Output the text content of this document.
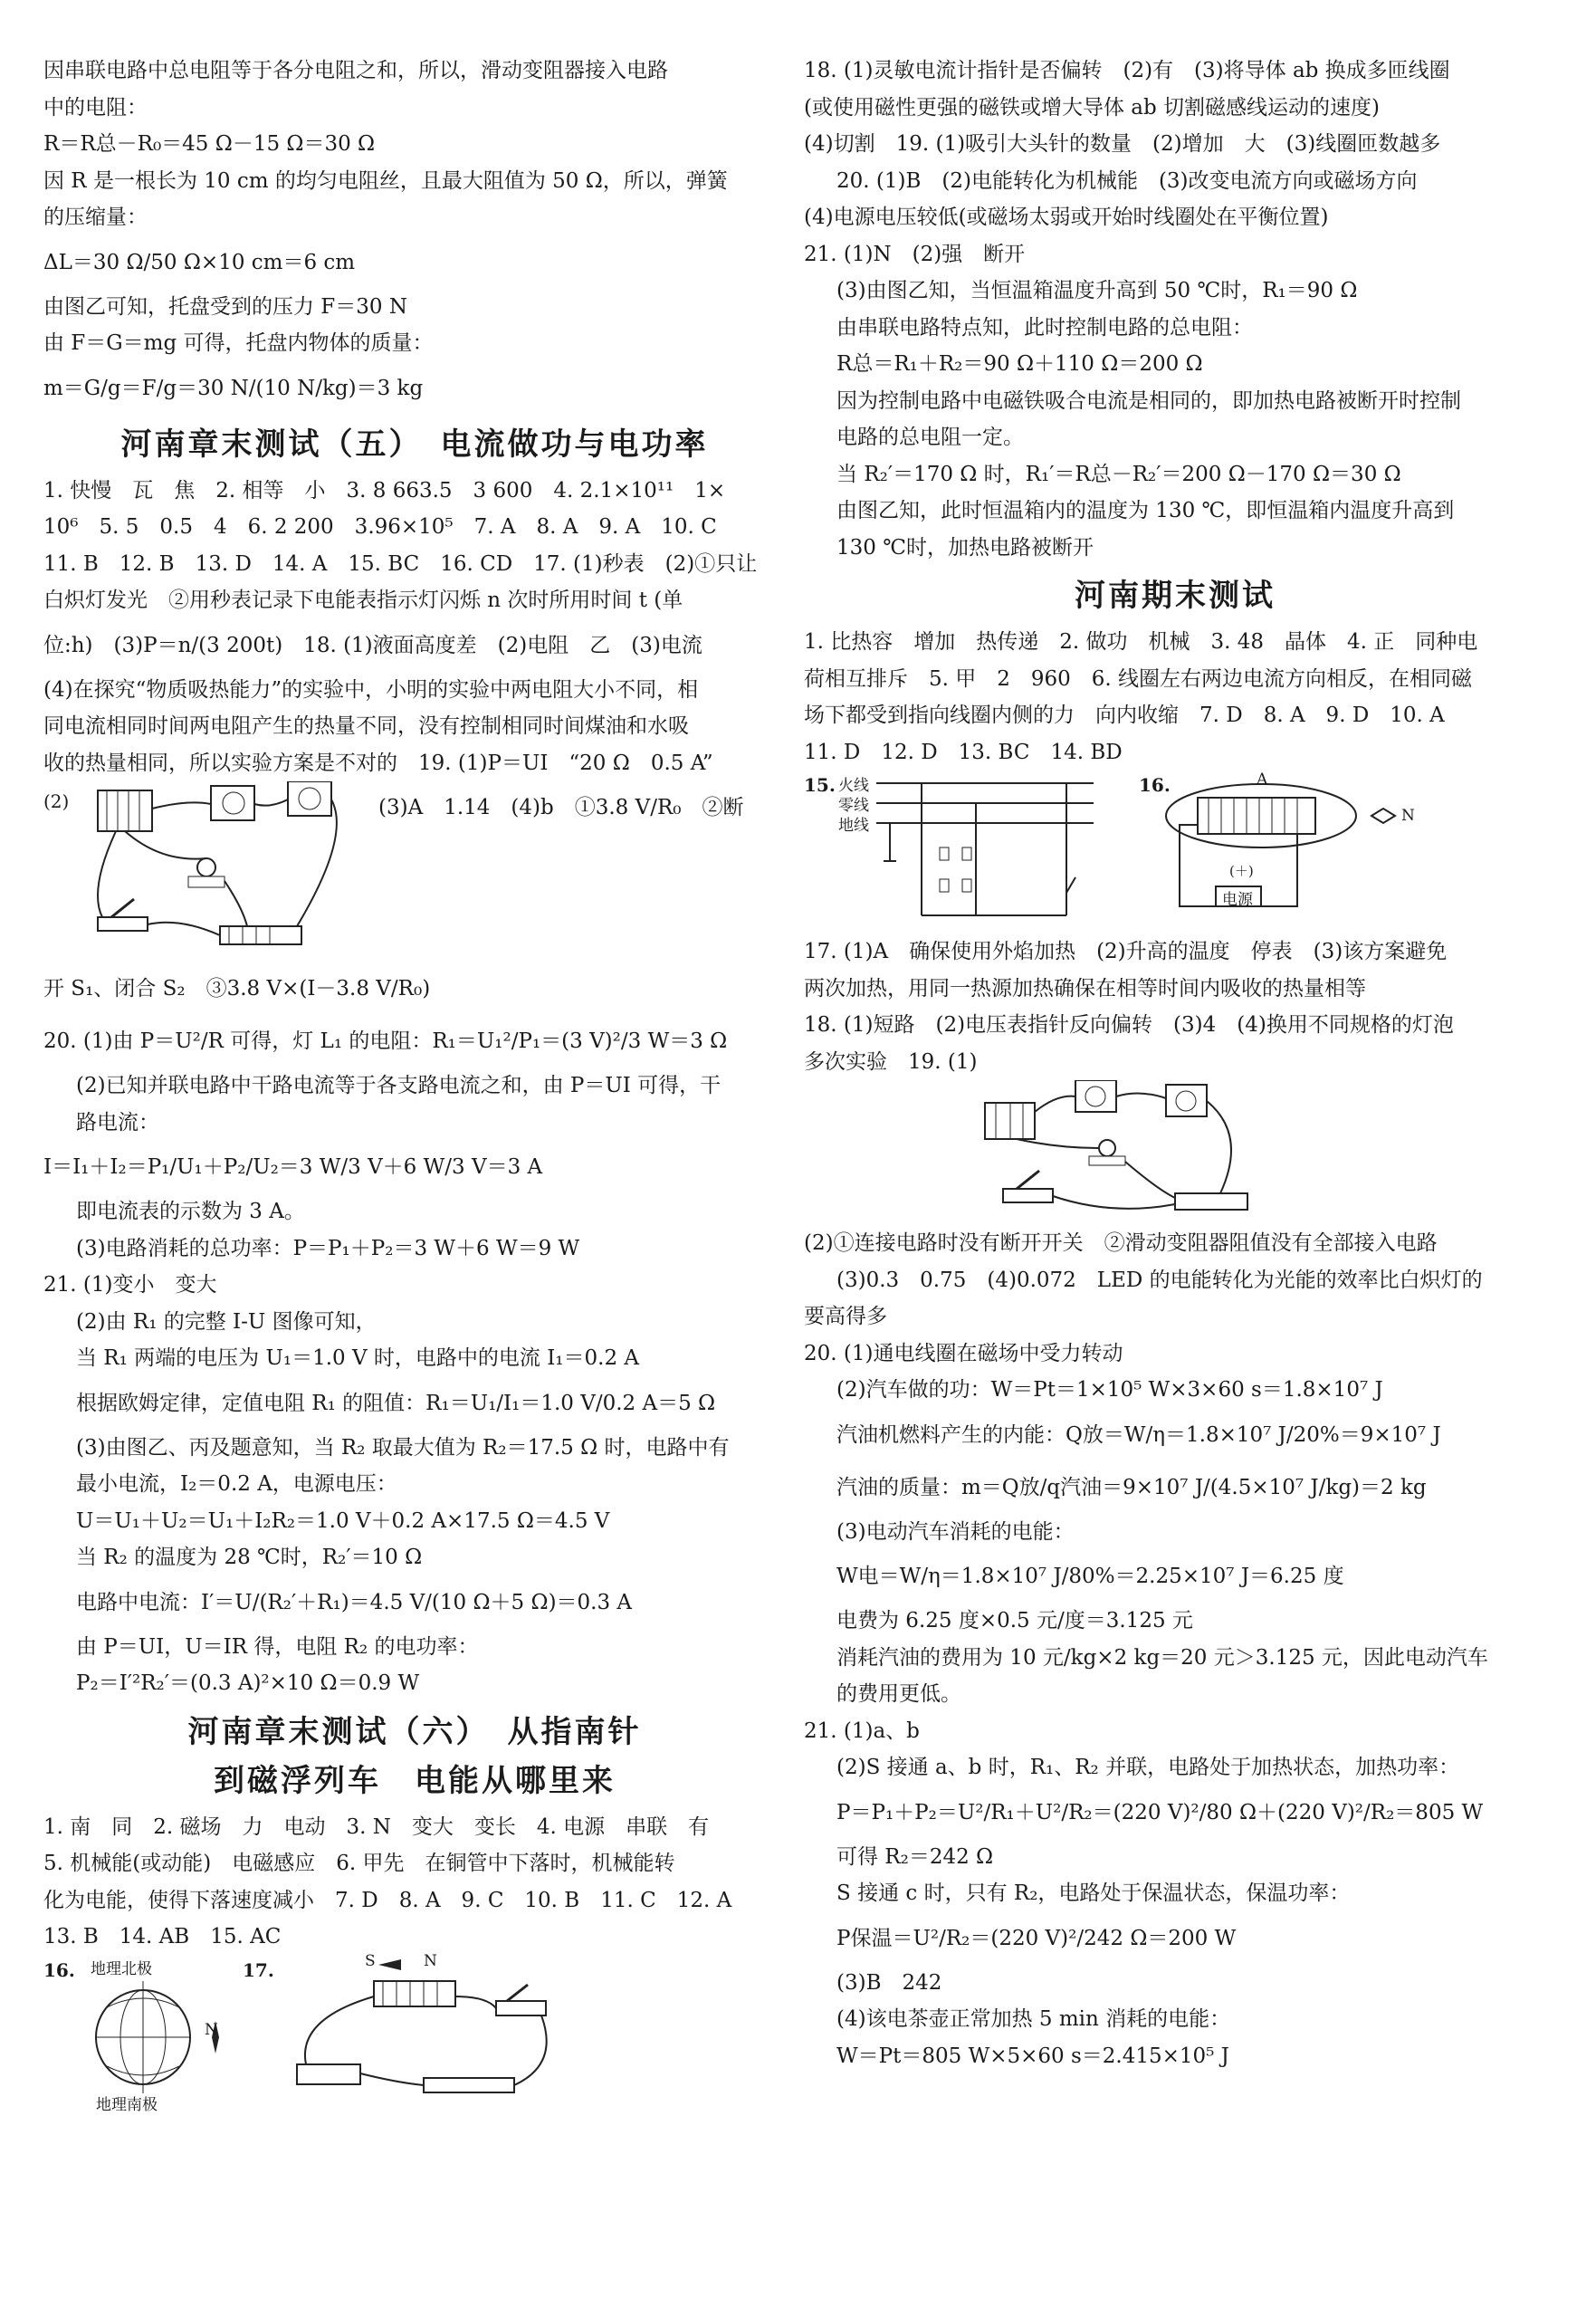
因串联电路中总电阻等于各分电阻之和，所以，滑动变阻器接入电路
中的电阻：
R＝R总－R₀＝45 Ω－15 Ω＝30 Ω
因 R 是一根长为 10 cm 的均匀电阻丝，且最大阻值为 50 Ω，所以，弹簧
的压缩量：
ΔL＝30 Ω/50 Ω×10 cm＝6 cm
由图乙可知，托盘受到的压力 F＝30 N
由 F＝G＝mg 可得，托盘内物体的质量：
m＝G/g＝F/g＝30 N/(10 N/kg)＝3 kg
河南章末测试（五）　电流做功与电功率
1. 快慢　瓦　焦　2. 相等　小　3. 8 663.5　3 600　4. 2.1×10¹¹　1×
10⁶　5. 5　0.5　4　6. 2 200　3.96×10⁵　7. A　8. A　9. A　10. C
11. B　12. B　13. D　14. A　15. BC　16. CD　17. (1)秒表　(2)①只让
白炽灯发光　②用秒表记录下电能表指示灯闪烁 n 次时所用时间 t (单
位:h)　(3)P＝n/(3 200t)　18. (1)液面高度差　(2)电阻　乙　(3)电流
(4)在探究“物质吸热能力”的实验中，小明的实验中两电阻大小不同，相
同电流相同时间两电阻产生的热量不同，没有控制相同时间煤油和水吸
收的热量相同，所以实验方案是不对的　19. (1)P＝UI　“20 Ω　0.5 A”
(2)	(3)A　1.14　(4)b　①3.8 V/R₀　②断
开 S₁、闭合 S₂　③3.8 V×(I－3.8 V/R₀)
20. (1)由 P＝U²/R 可得，灯 L₁ 的电阻：R₁＝U₁²/P₁＝(3 V)²/3 W＝3 Ω
(2)已知并联电路中干路电流等于各支路电流之和，由 P＝UI 可得，干
路电流：
I＝I₁＋I₂＝P₁/U₁＋P₂/U₂＝3 W/3 V＋6 W/3 V＝3 A
即电流表的示数为 3 A。
(3)电路消耗的总功率：P＝P₁＋P₂＝3 W＋6 W＝9 W
21. (1)变小　变大
(2)由 R₁ 的完整 I-U 图像可知，
当 R₁ 两端的电压为 U₁＝1.0 V 时，电路中的电流 I₁＝0.2 A
根据欧姆定律，定值电阻 R₁ 的阻值：R₁＝U₁/I₁＝1.0 V/0.2 A＝5 Ω
(3)由图乙、丙及题意知，当 R₂ 取最大值为 R₂＝17.5 Ω 时，电路中有
最小电流，I₂＝0.2 A，电源电压：
U＝U₁＋U₂＝U₁＋I₂R₂＝1.0 V＋0.2 A×17.5 Ω＝4.5 V
当 R₂ 的温度为 28 ℃时，R₂′＝10 Ω
电路中电流：I′＝U/(R₂′＋R₁)＝4.5 V/(10 Ω＋5 Ω)＝0.3 A
由 P＝UI，U＝IR 得，电阻 R₂ 的电功率：
P₂＝I′²R₂′＝(0.3 A)²×10 Ω＝0.9 W
河南章末测试（六）　从指南针
到磁浮列车　电能从哪里来
1. 南　同　2. 磁场　力　电动　3. N　变大　变长　4. 电源　串联　有
5. 机械能(或动能)　电磁感应　6. 甲先　在铜管中下落时，机械能转
化为电能，使得下落速度减小　7. D　8. A　9. C　10. B　11. C　12. A
13. B　14. AB　15. AC
16. 地理北极
N
地理南极
17.	S	N
18. (1)灵敏电流计指针是否偏转　(2)有　(3)将导体 ab 换成多匝线圈
(或使用磁性更强的磁铁或增大导体 ab 切割磁感线运动的速度)
(4)切割　19. (1)吸引大头针的数量　(2)增加　大　(3)线圈匝数越多
20. (1)B　(2)电能转化为机械能　(3)改变电流方向或磁场方向
(4)电源电压较低(或磁场太弱或开始时线圈处在平衡位置)
21. (1)N　(2)强　断开
(3)由图乙知，当恒温箱温度升高到 50 ℃时，R₁＝90 Ω
由串联电路特点知，此时控制电路的总电阻：
R总＝R₁＋R₂＝90 Ω＋110 Ω＝200 Ω
因为控制电路中电磁铁吸合电流是相同的，即加热电路被断开时控制
电路的总电阻一定。
当 R₂′＝170 Ω 时，R₁′＝R总－R₂′＝200 Ω－170 Ω＝30 Ω
由图乙知，此时恒温箱内的温度为 130 ℃，即恒温箱内温度升高到
130 ℃时，加热电路被断开
河南期末测试
1. 比热容　增加　热传递　2. 做功　机械　3. 48　晶体　4. 正　同种电
荷相互排斥　5. 甲　2　960　6. 线圈左右两边电流方向相反，在相同磁
场下都受到指向线圈内侧的力　向内收缩　7. D　8. A　9. D　10. A
11. D　12. D　13. BC　14. BD
15. 火线
零线
地线
16.	A
N
(＋)
电源
17. (1)A　确保使用外焰加热　(2)升高的温度　停表　(3)该方案避免
两次加热，用同一热源加热确保在相等时间内吸收的热量相等
18. (1)短路　(2)电压表指针反向偏转　(3)4　(4)换用不同规格的灯泡
多次实验　19. (1)
(2)①连接电路时没有断开开关　②滑动变阻器阻值没有全部接入电路
(3)0.3　0.75　(4)0.072　LED 的电能转化为光能的效率比白炽灯的
要高得多
20. (1)通电线圈在磁场中受力转动
(2)汽车做的功：W＝Pt＝1×10⁵ W×3×60 s＝1.8×10⁷ J
汽油机燃料产生的内能：Q放＝W/η＝1.8×10⁷ J/20%＝9×10⁷ J
汽油的质量：m＝Q放/q汽油＝9×10⁷ J/(4.5×10⁷ J/kg)＝2 kg
(3)电动汽车消耗的电能：
W电＝W/η＝1.8×10⁷ J/80%＝2.25×10⁷ J＝6.25 度
电费为 6.25 度×0.5 元/度＝3.125 元
消耗汽油的费用为 10 元/kg×2 kg＝20 元＞3.125 元，因此电动汽车
的费用更低。
21. (1)a、b
(2)S 接通 a、b 时，R₁、R₂ 并联，电路处于加热状态，加热功率：
P＝P₁＋P₂＝U²/R₁＋U²/R₂＝(220 V)²/80 Ω＋(220 V)²/R₂＝805 W
可得 R₂＝242 Ω
S 接通 c 时，只有 R₂，电路处于保温状态，保温功率：
P保温＝U²/R₂＝(220 V)²/242 Ω＝200 W
(3)B　242
(4)该电茶壶正常加热 5 min 消耗的电能：
W＝Pt＝805 W×5×60 s＝2.415×10⁵ J
